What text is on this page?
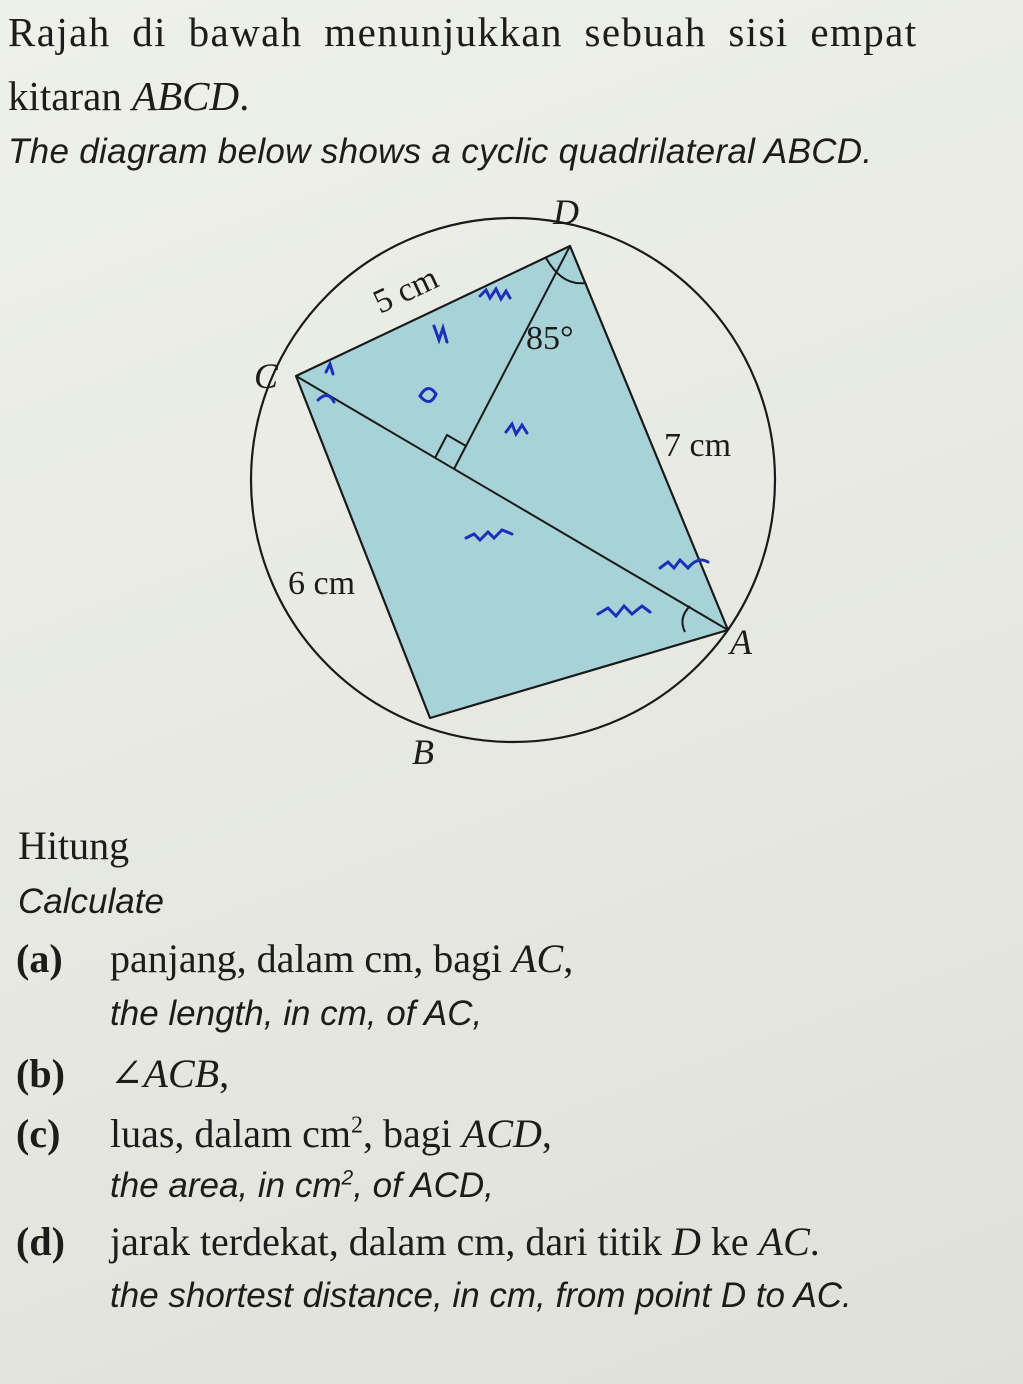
Rajah di bawah menunjukkan sebuah sisi empat
kitaran ABCD.
The diagram below shows a cyclic quadrilateral ABCD.
D
C
A
B
5 cm
7 cm
6 cm
85°
Hitung
Calculate
(a) panjang, dalam cm, bagi AC,
the length, in cm, of AC,
(b) ∠ACB,
(c) luas, dalam $cm^2$, bagi ACD,
the area, in $cm^2$, of ACD,
(d) jarak terdekat, dalam cm, dari titik D ke AC.
the shortest distance, in cm, from point D to AC.
